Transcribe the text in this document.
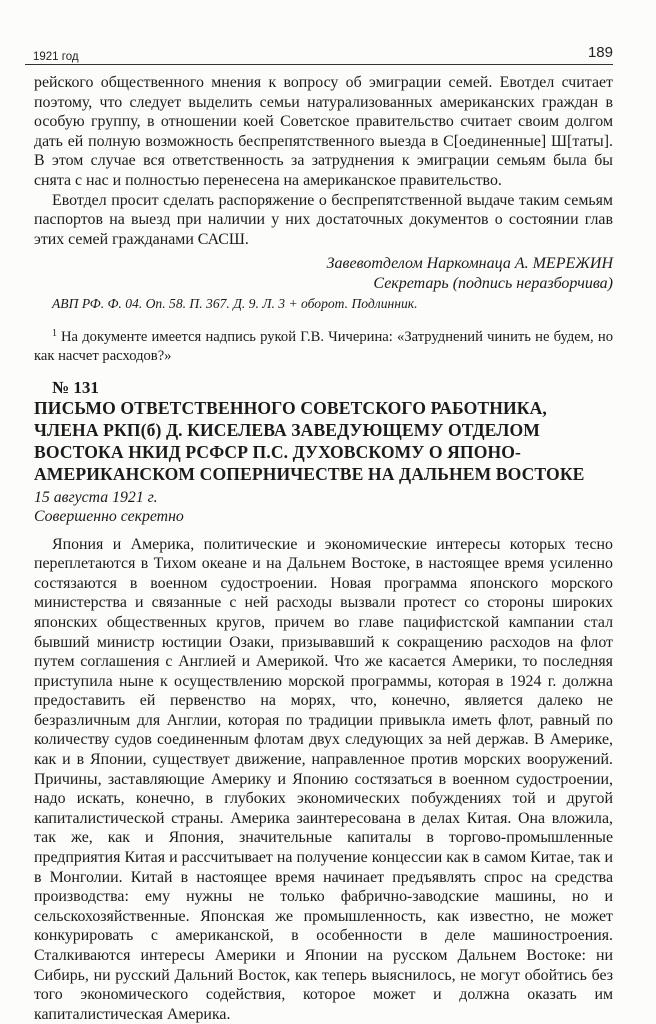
1921 год	189

рейского общественного мнения к вопросу об эмиграции семей. Евотдел считает поэтому, что следует выделить семьи натурализованных американских граждан в особую группу, в отношении коей Советское правительство считает своим долгом дать ей полную возможность беспрепятственного выезда в С[оединенные] Ш[таты]. В этом случае вся ответственность за затруднения к эмиграции семьям была бы снята с нас и полностью перенесена на американское правительство.

Евотдел просит сделать распоряжение о беспрепятственной выдаче таким семьям паспортов на выезд при наличии у них достаточных документов о состоянии глав этих семей гражданами САСШ.

Завевотделом Наркомнаца А. МЕРЕЖИН
Секретарь (подпись неразборчива)
АВП РФ. Ф. 04. Оп. 58. П. 367. Д. 9. Л. 3 + оборот. Подлинник.
$^1$ На документе имеется надпись рукой Г.В. Чичерина: «Затруднений чинить не будем, но как насчет расходов?»
№ 131
ПИСЬМО ОТВЕТСТВЕННОГО СОВЕТСКОГО РАБОТНИКА,
ЧЛЕНА РКП(б) Д. КИСЕЛЕВА ЗАВЕДУЮЩЕМУ ОТДЕЛОМ
ВОСТОКА НКИД РСФСР П.С. ДУХОВСКОМУ О ЯПОНО-
АМЕРИКАНСКОМ СОПЕРНИЧЕСТВЕ НА ДАЛЬНЕМ ВОСТОКЕ
15 августа 1921 г.
Совершенно секретно

Япония и Америка, политические и экономические интересы которых тесно переплетаются в Тихом океане и на Дальнем Востоке, в настоящее время усиленно состязаются в военном судостроении. Новая программа японского морского министерства и связанные с ней расходы вызвали протест со стороны широких японских общественных кругов, причем во главе пацифистской кампании стал бывший министр юстиции Озаки, призывавший к сокращению расходов на флот путем соглашения с Англией и Америкой. Что же касается Америки, то последняя приступила ныне к осуществлению морской программы, которая в 1924 г. должна предоставить ей первенство на морях, что, конечно, является далеко не безразличным для Англии, которая по традиции привыкла иметь флот, равный по количеству судов соединенным флотам двух следующих за ней держав. В Америке, как и в Японии, существует движение, направленное против морских вооружений. Причины, заставляющие Америку и Японию состязаться в военном судостроении, надо искать, конечно, в глубоких экономических побуждениях той и другой капиталистической страны. Америка заинтересована в делах Китая. Она вложила, так же, как и Япония, значительные капиталы в торгово-промышленные предприятия Китая и рассчитывает на получение концессии как в самом Китае, так и в Монголии. Китай в настоящее время начинает предъявлять спрос на средства производства: ему нужны не только фабрично-заводские машины, но и сельскохозяйственные. Японская же промышленность, как известно, не может конкурировать с американской, в особенности в деле машиностроения. Сталкиваются интересы Америки и Японии на русском Дальнем Востоке: ни Сибирь, ни русский Дальний Восток, как теперь выяснилось, не могут обойтись без того экономического содействия, которое может и должна оказать им капиталистическая Америка.
